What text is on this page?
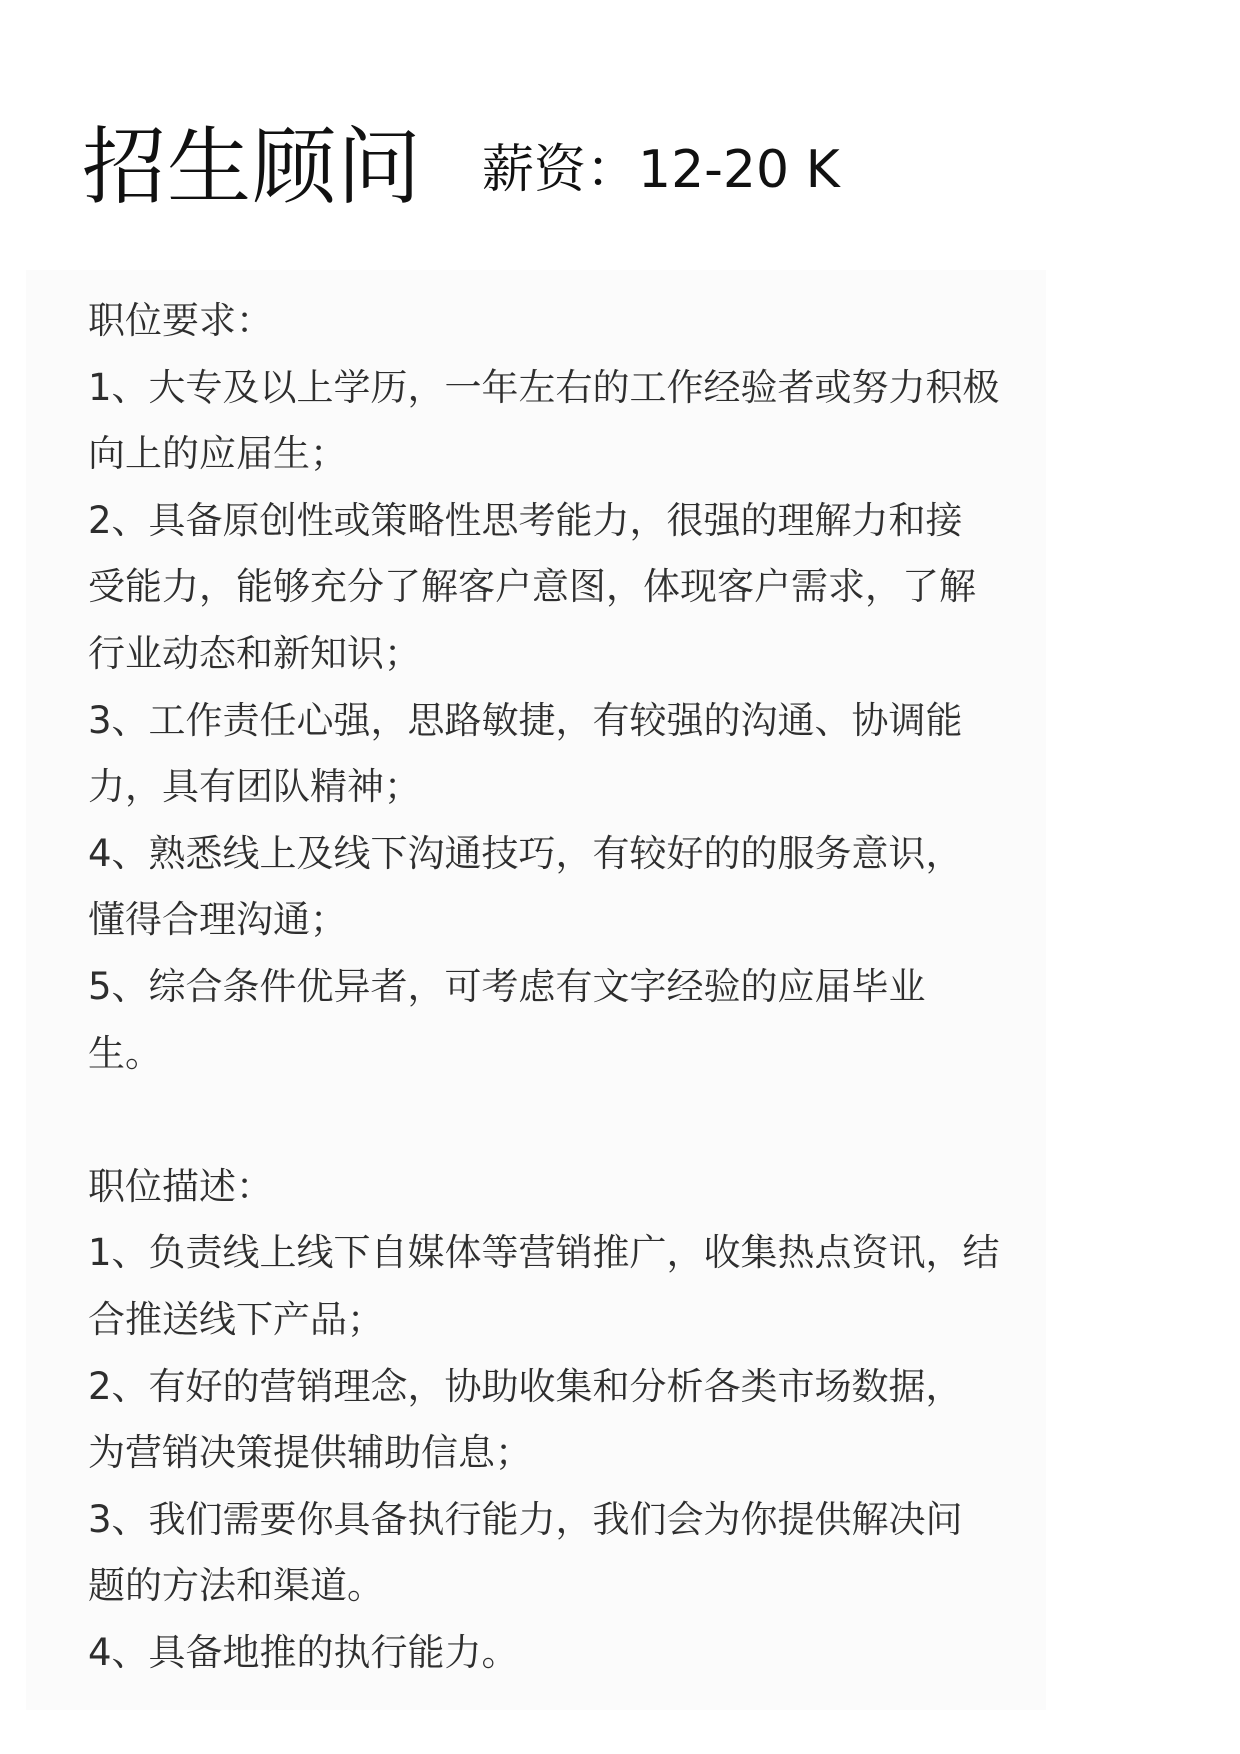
招生顾问 薪资：12-20 K
职位要求：
1、大专及以上学历，一年左右的工作经验者或努力积极
向上的应届生；
2、具备原创性或策略性思考能力，很强的理解力和接
受能力，能够充分了解客户意图，体现客户需求，了解
行业动态和新知识；
3、工作责任心强，思路敏捷，有较强的沟通、协调能
力，具有团队精神；
4、熟悉线上及线下沟通技巧，有较好的的服务意识，
懂得合理沟通；
5、综合条件优异者，可考虑有文字经验的应届毕业
生。
职位描述：
1、负责线上线下自媒体等营销推广，收集热点资讯，结
合推送线下产品；
2、有好的营销理念，协助收集和分析各类市场数据，
为营销决策提供辅助信息；
3、我们需要你具备执行能力，我们会为你提供解决问
题的方法和渠道。
4、具备地推的执行能力。
